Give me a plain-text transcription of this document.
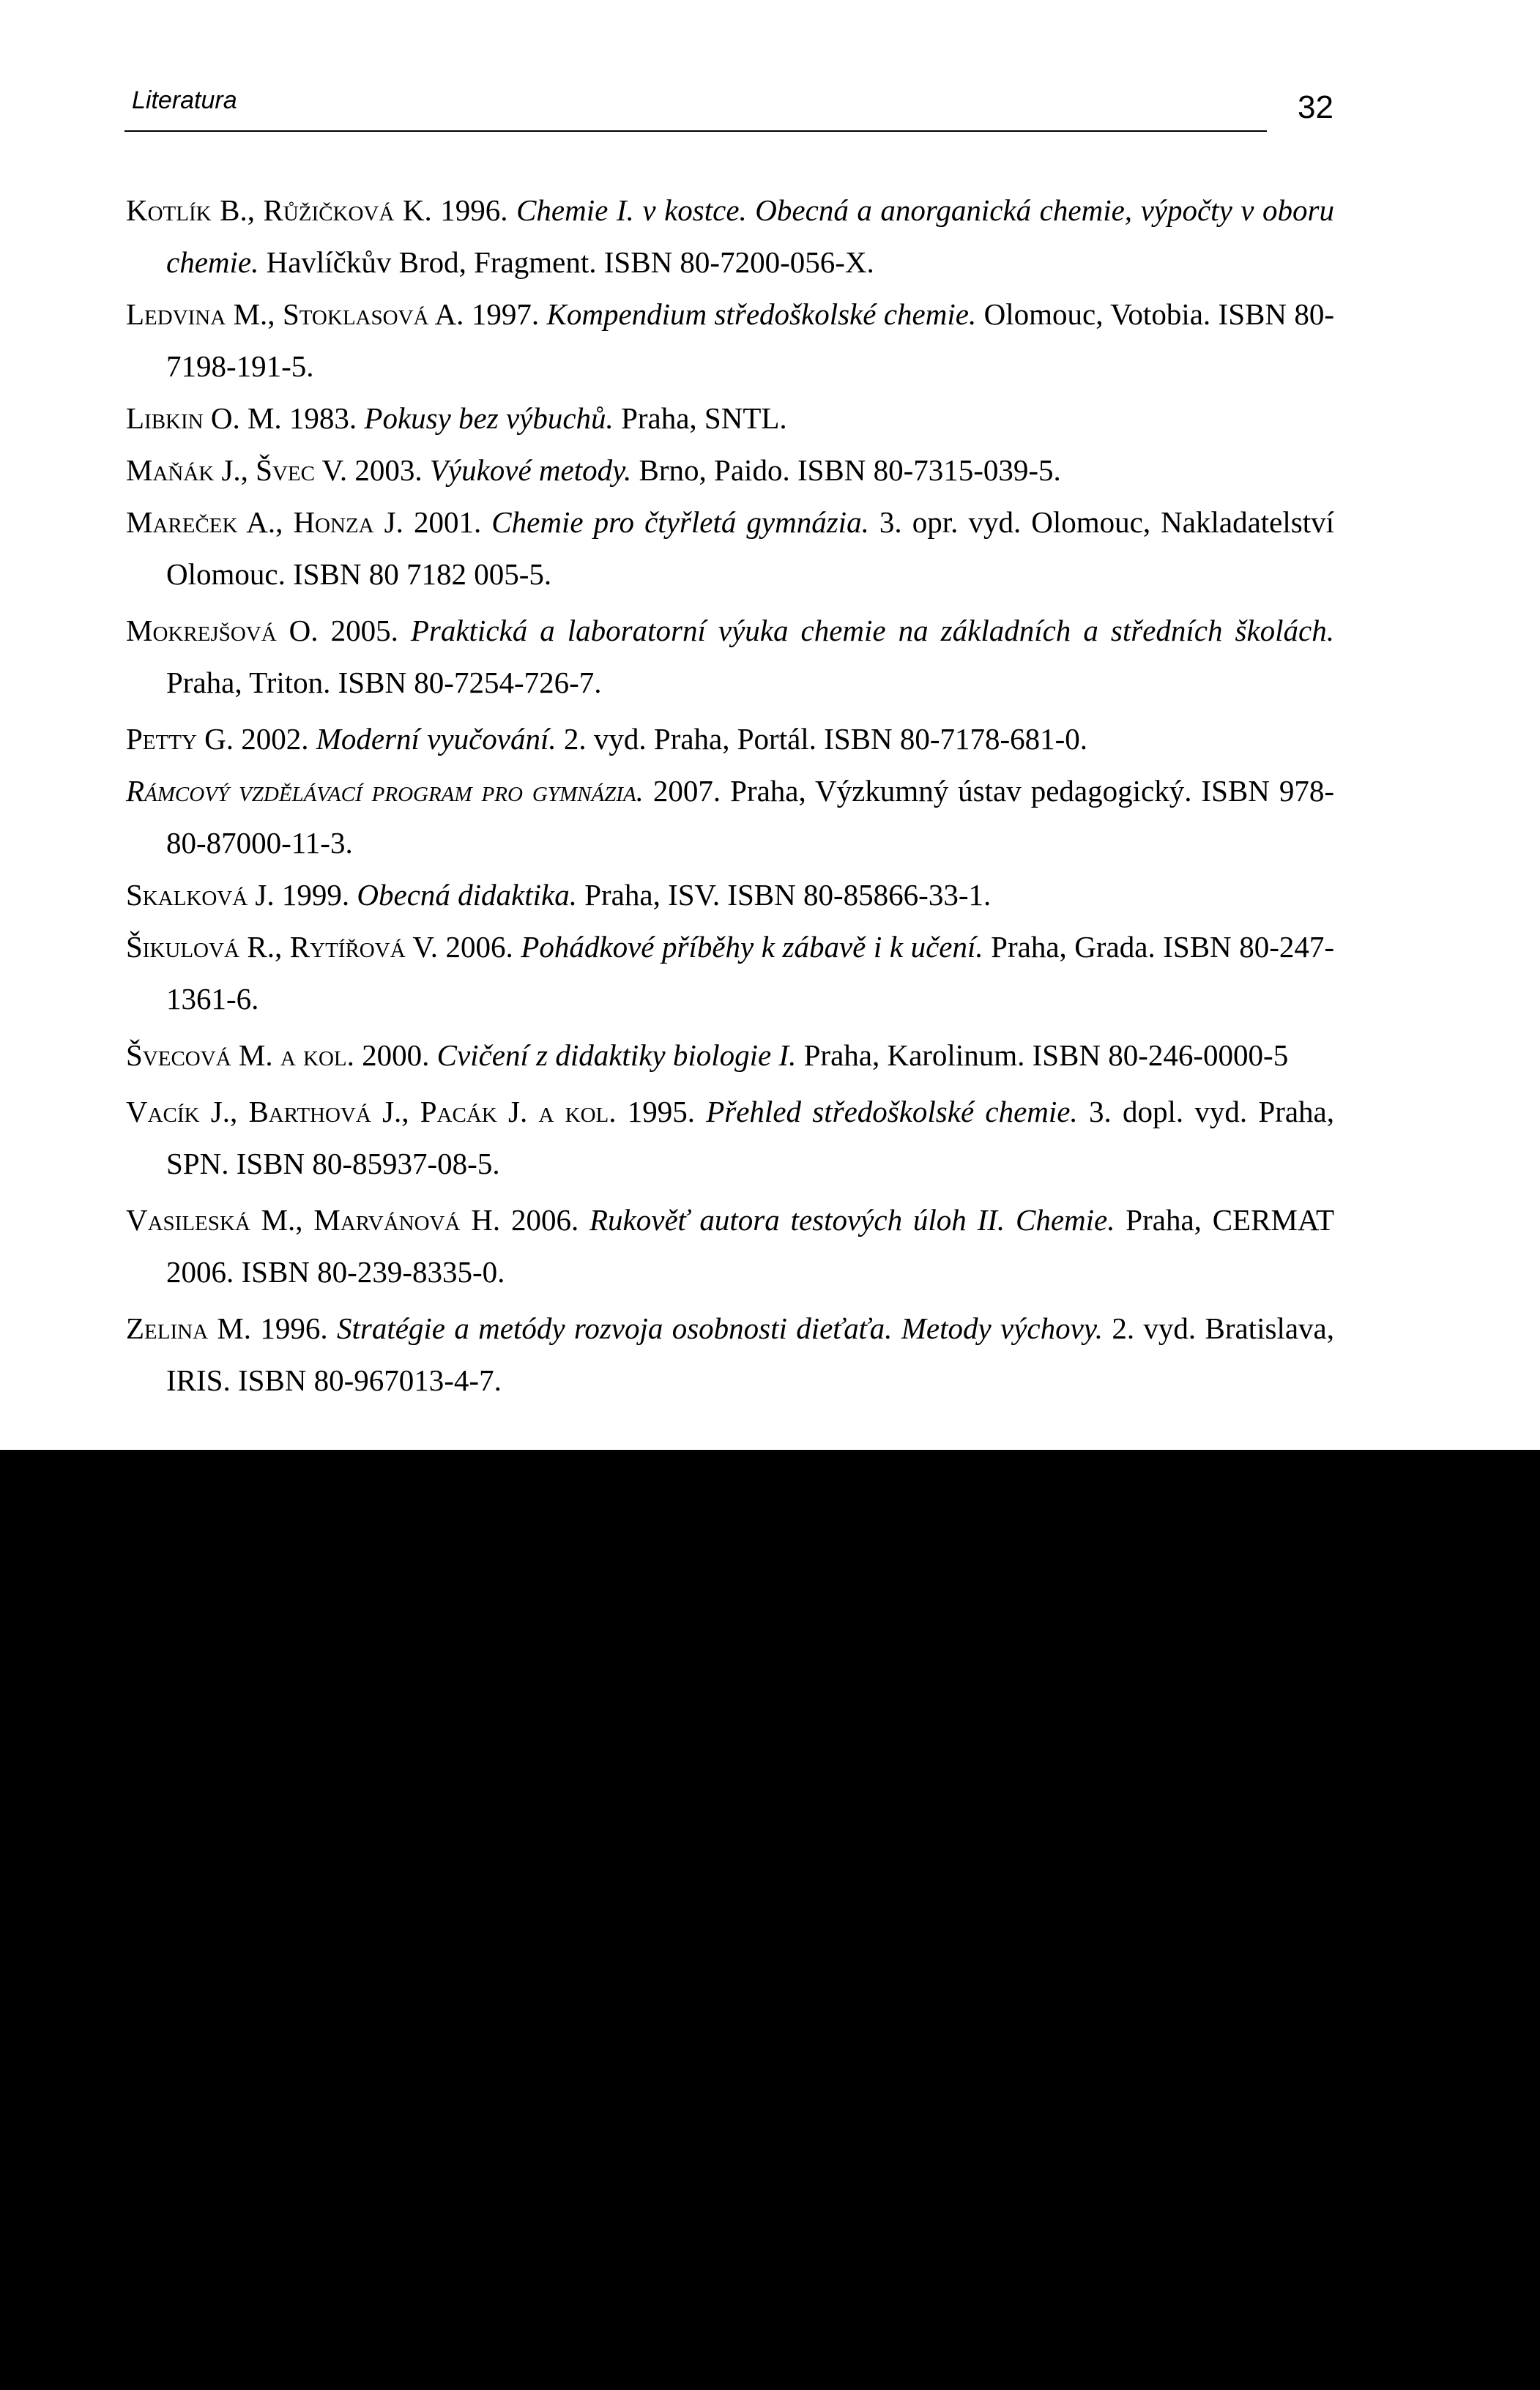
Literatura	32

Kotlík B., Růžičková K. 1996. Chemie I. v kostce. Obecná a anorganická chemie, výpočty v oboru chemie. Havlíčkův Brod, Fragment. ISBN 80-7200-056-X.

Ledvina M., Stoklasová A. 1997. Kompendium středoškolské chemie. Olomouc, Votobia. ISBN 80-7198-191-5.

Libkin O. M. 1983. Pokusy bez výbuchů. Praha, SNTL.

Maňák J., Švec V. 2003. Výukové metody. Brno, Paido. ISBN 80-7315-039-5.

Mareček A., Honza J. 2001. Chemie pro čtyřletá gymnázia. 3. opr. vyd. Olomouc, Nakladatelství Olomouc. ISBN 80 7182 005-5.

Mokrejšová O. 2005. Praktická a laboratorní výuka chemie na základních a středních školách. Praha, Triton. ISBN 80-7254-726-7.

Petty G. 2002. Moderní vyučování. 2. vyd. Praha, Portál. ISBN 80-7178-681-0.

Rámcový vzdělávací program pro gymnázia. 2007. Praha, Výzkumný ústav pedagogický. ISBN 978-80-87000-11-3.

Skalková J. 1999. Obecná didaktika. Praha, ISV. ISBN 80-85866-33-1.

Šikulová R., Rytířová V. 2006. Pohádkové příběhy k zábavě i k učení. Praha, Grada. ISBN 80-247-1361-6.

Švecová M. a kol. 2000. Cvičení z didaktiky biologie I. Praha, Karolinum. ISBN 80-246-0000-5

Vacík J., Barthová J., Pacák J. a kol. 1995. Přehled středoškolské chemie. 3. dopl. vyd. Praha, SPN. ISBN 80-85937-08-5.

Vasileská M., Marvánová H. 2006. Rukověť autora testových úloh II. Chemie. Praha, CERMAT 2006. ISBN 80-239-8335-0.

Zelina M. 1996. Stratégie a metódy rozvoja osobnosti dieťaťa. Metody výchovy. 2. vyd. Bratislava, IRIS. ISBN 80-967013-4-7.
